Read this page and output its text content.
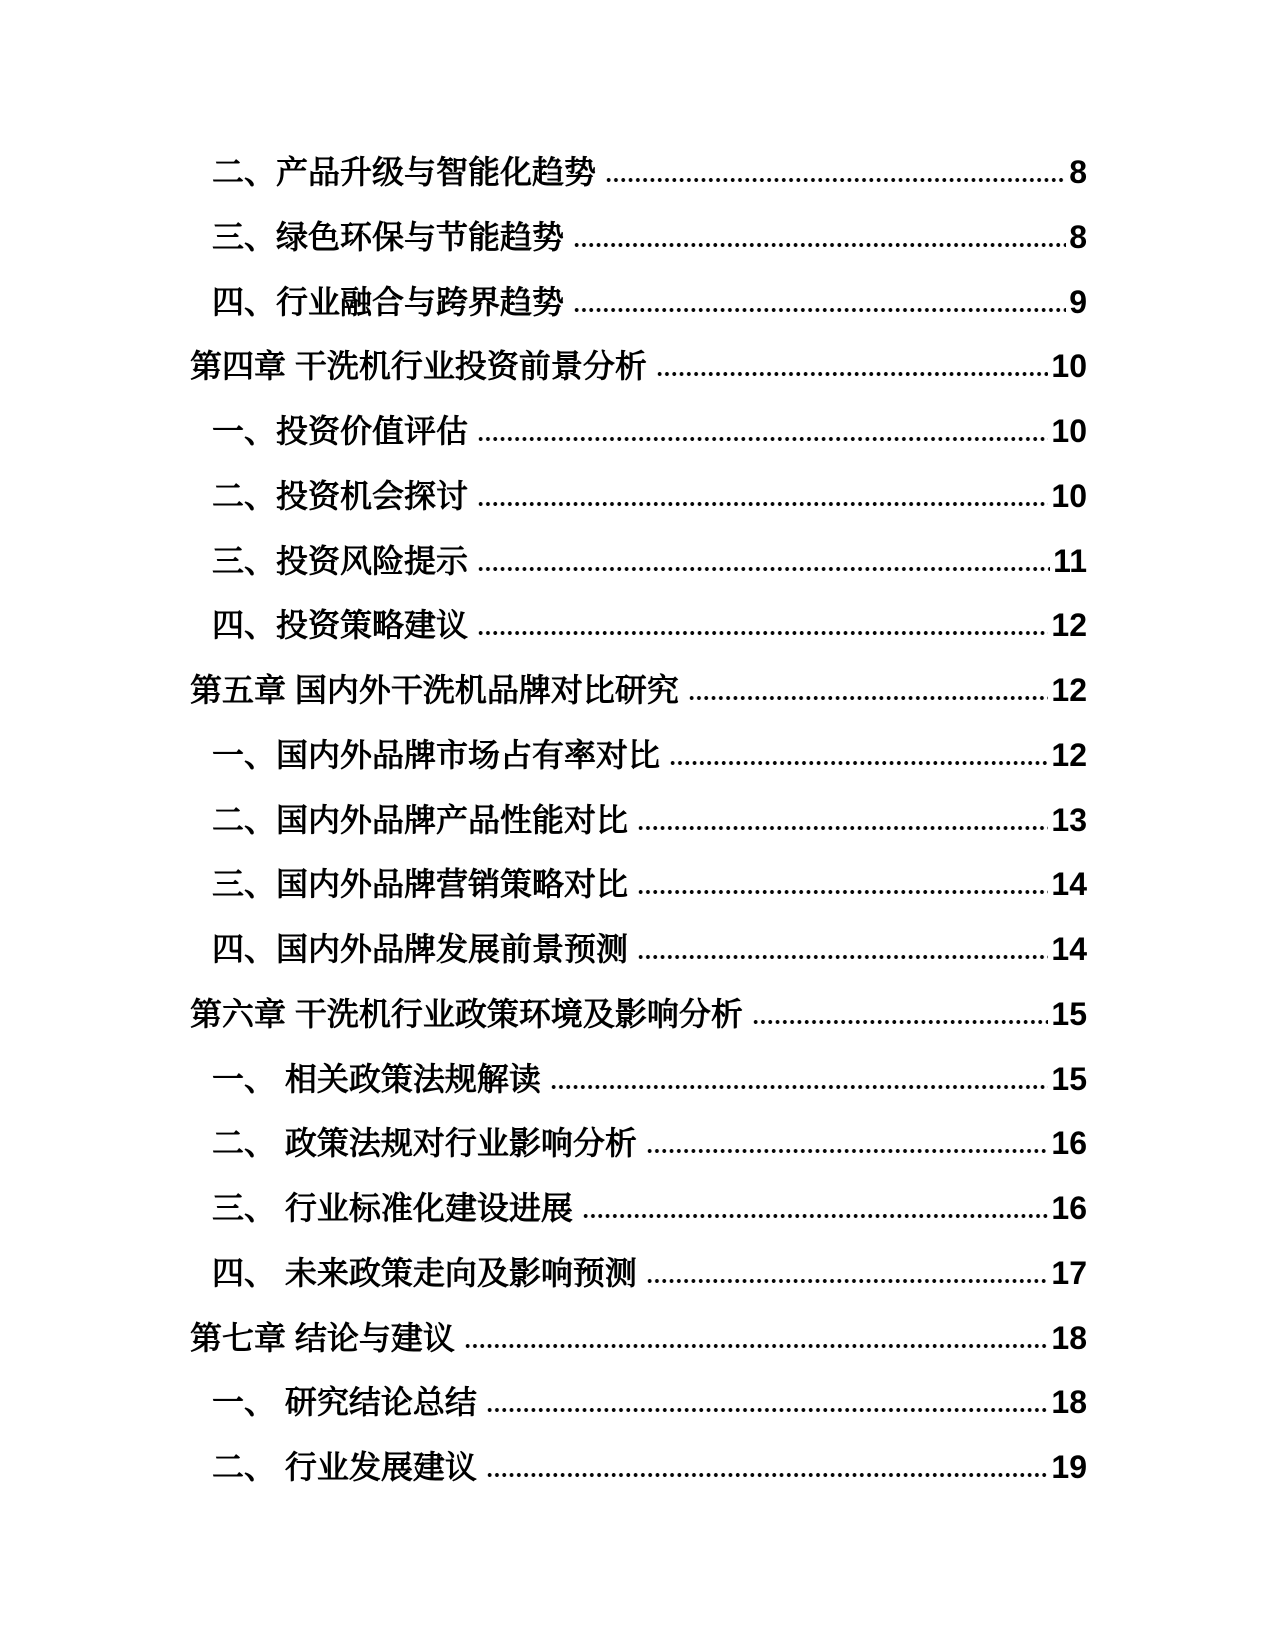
二、产品升级与智能化趋势	8
三、绿色环保与节能趋势	8
四、行业融合与跨界趋势	9
第四章 干洗机行业投资前景分析	10
一、投资价值评估	10
二、投资机会探讨	10
三、投资风险提示	11
四、投资策略建议	12
第五章 国内外干洗机品牌对比研究	12
一、国内外品牌市场占有率对比	12
二、国内外品牌产品性能对比	13
三、国内外品牌营销策略对比	14
四、国内外品牌发展前景预测	14
第六章 干洗机行业政策环境及影响分析	15
一、 相关政策法规解读	15
二、 政策法规对行业影响分析	16
三、 行业标准化建设进展	16
四、 未来政策走向及影响预测	17
第七章 结论与建议	18
一、 研究结论总结	18
二、 行业发展建议	19
